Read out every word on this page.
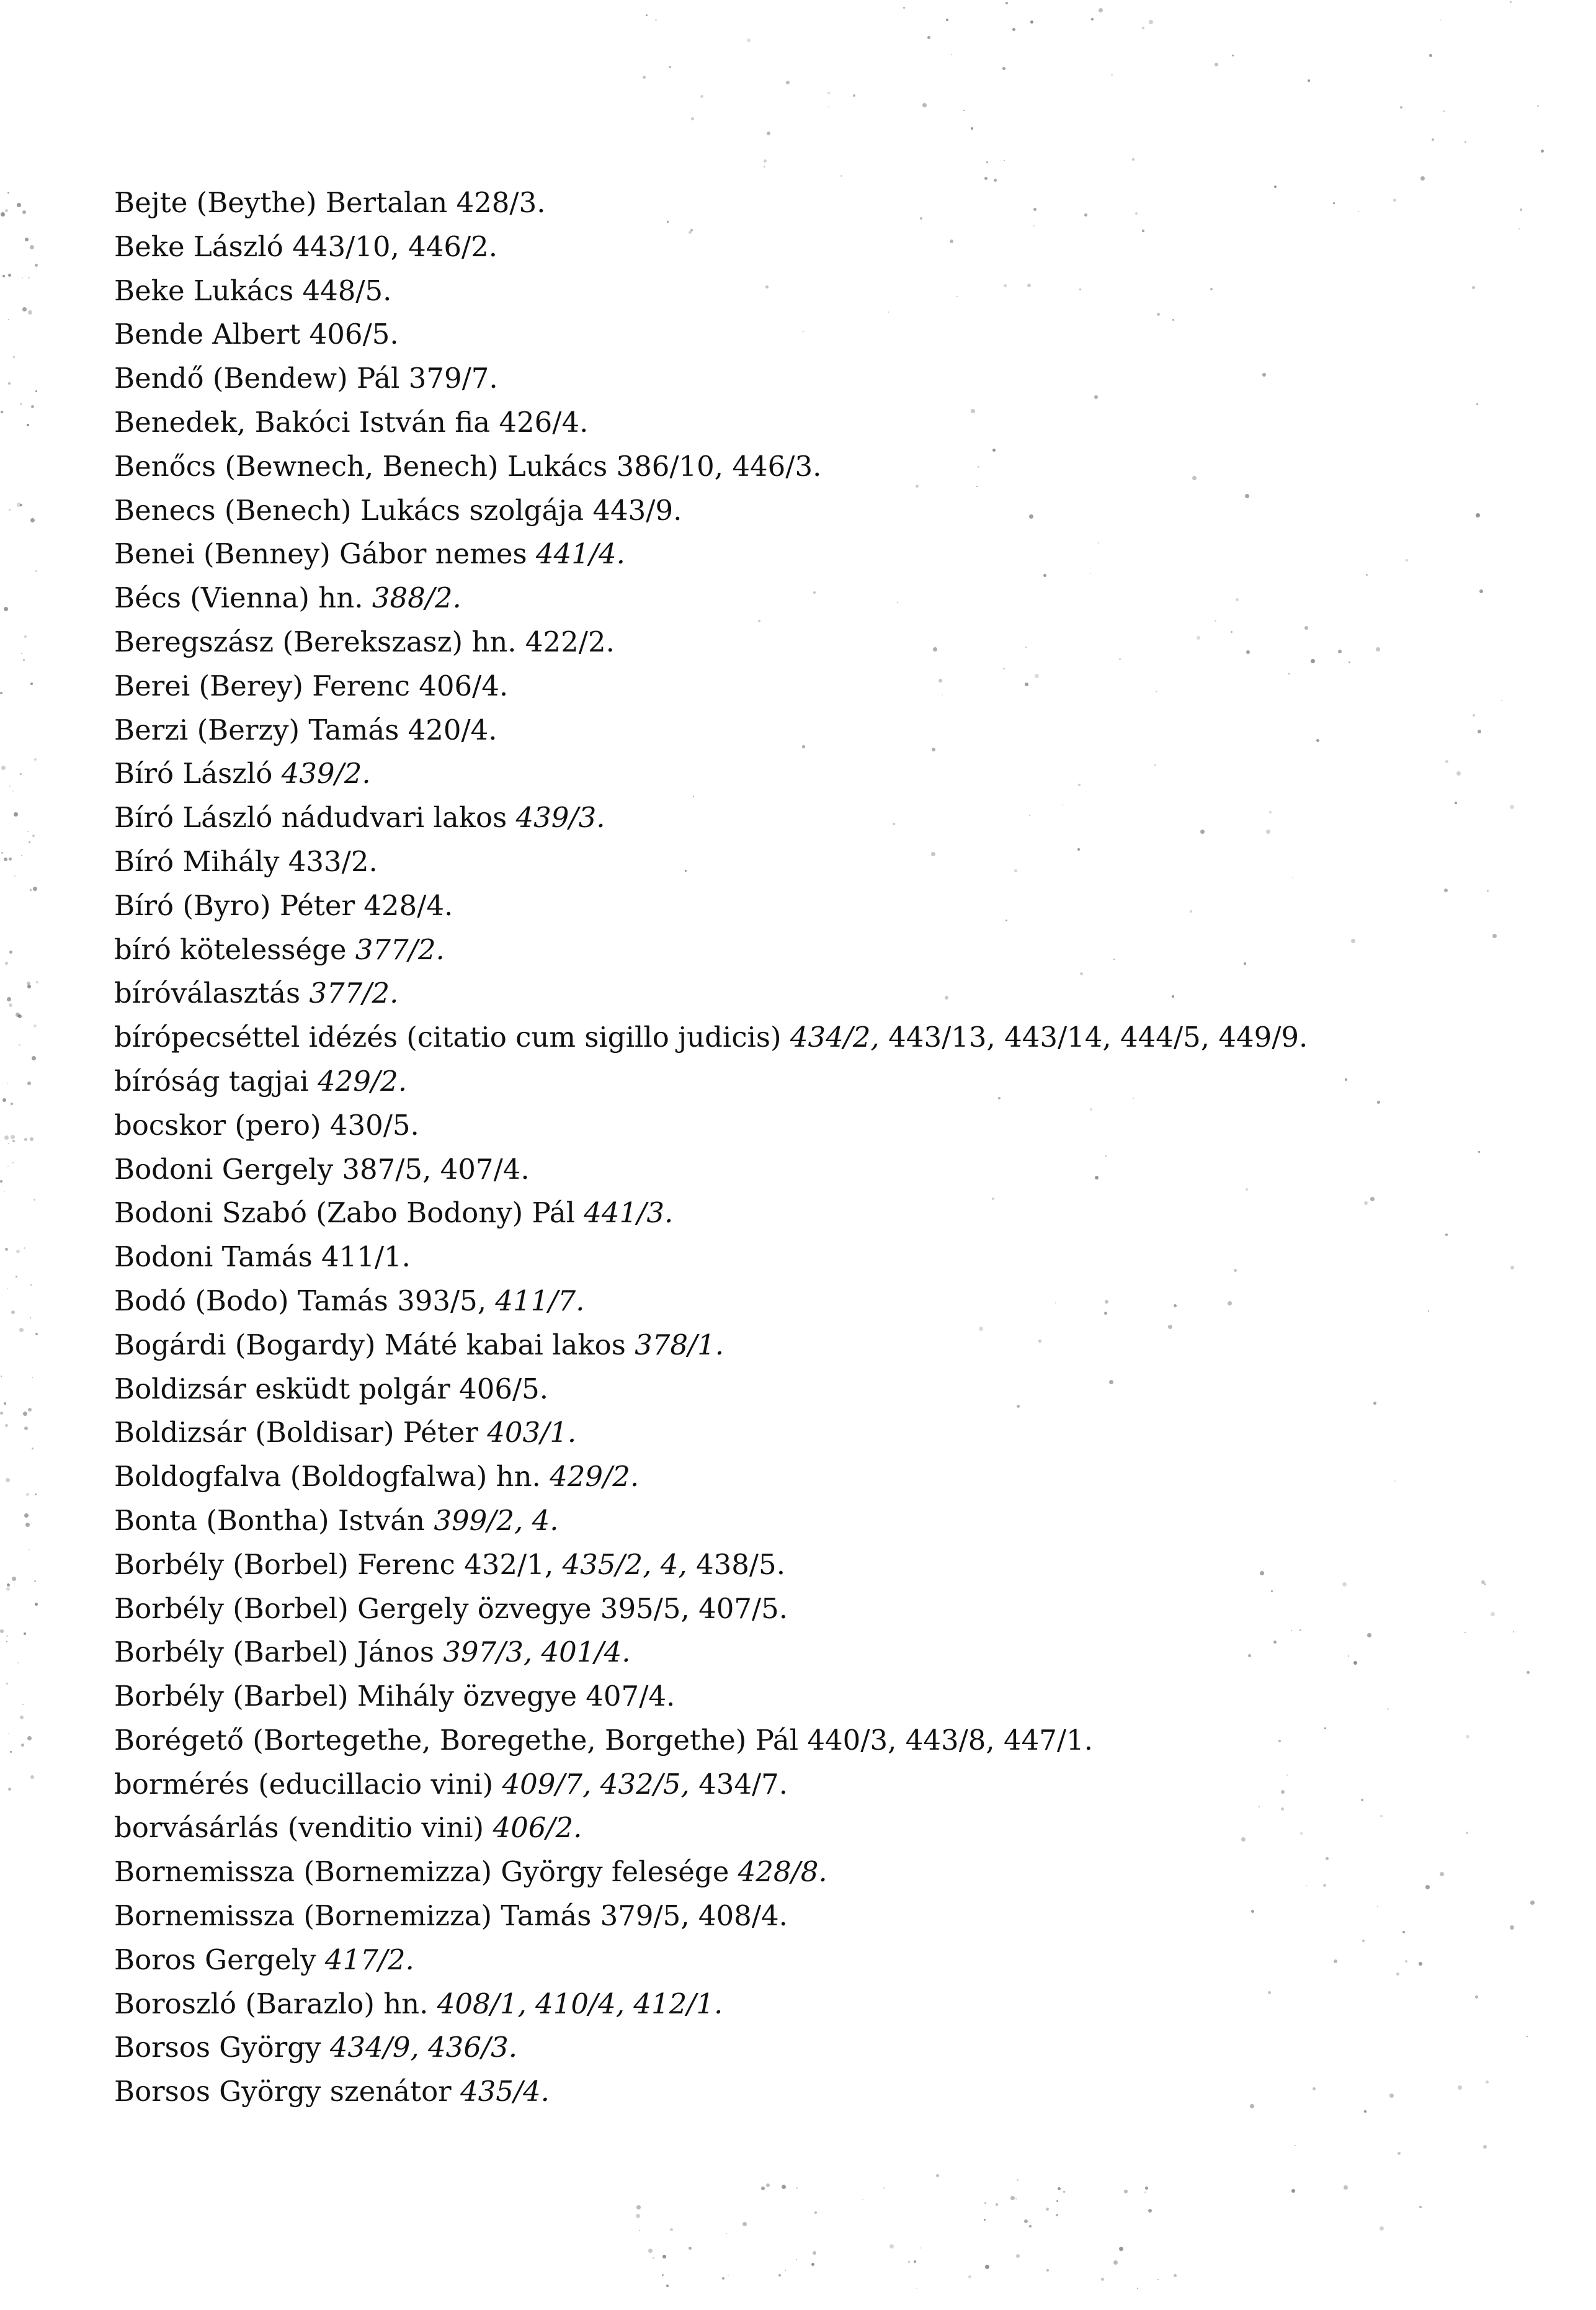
Bejte (Beythe) Bertalan 428/3.
Beke László 443/10, 446/2.
Beke Lukács 448/5.
Bende Albert 406/5.
Bendő (Bendew) Pál 379/7.
Benedek, Bakóci István fia 426/4.
Benőcs (Bewnech, Benech) Lukács 386/10, 446/3.
Benecs (Benech) Lukács szolgája 443/9.
Benei (Benney) Gábor nemes 441/4.
Bécs (Vienna) hn. 388/2.
Beregszász (Berekszasz) hn. 422/2.
Berei (Berey) Ferenc 406/4.
Berzi (Berzy) Tamás 420/4.
Bíró László 439/2.
Bíró László nádudvari lakos 439/3.
Bíró Mihály 433/2.
Bíró (Byro) Péter 428/4.
bíró kötelessége 377/2.
bíróválasztás 377/2.
bírópecséttel idézés (citatio cum sigillo judicis) 434/2, 443/13, 443/14, 444/5, 449/9.
bíróság tagjai 429/2.
bocskor (pero) 430/5.
Bodoni Gergely 387/5, 407/4.
Bodoni Szabó (Zabo Bodony) Pál 441/3.
Bodoni Tamás 411/1.
Bodó (Bodo) Tamás 393/5, 411/7.
Bogárdi (Bogardy) Máté kabai lakos 378/1.
Boldizsár esküdt polgár 406/5.
Boldizsár (Boldisar) Péter 403/1.
Boldogfalva (Boldogfalwa) hn. 429/2.
Bonta (Bontha) István 399/2, 4.
Borbély (Borbel) Ferenc 432/1, 435/2, 4, 438/5.
Borbély (Borbel) Gergely özvegye 395/5, 407/5.
Borbély (Barbel) János 397/3, 401/4.
Borbély (Barbel) Mihály özvegye 407/4.
Borégető (Bortegethe, Boregethe, Borgethe) Pál 440/3, 443/8, 447/1.
bormérés (educillacio vini) 409/7, 432/5, 434/7.
borvásárlás (venditio vini) 406/2.
Bornemissza (Bornemizza) György felesége 428/8.
Bornemissza (Bornemizza) Tamás 379/5, 408/4.
Boros Gergely 417/2.
Boroszló (Barazlo) hn. 408/1, 410/4, 412/1.
Borsos György 434/9, 436/3.
Borsos György szenátor 435/4.
